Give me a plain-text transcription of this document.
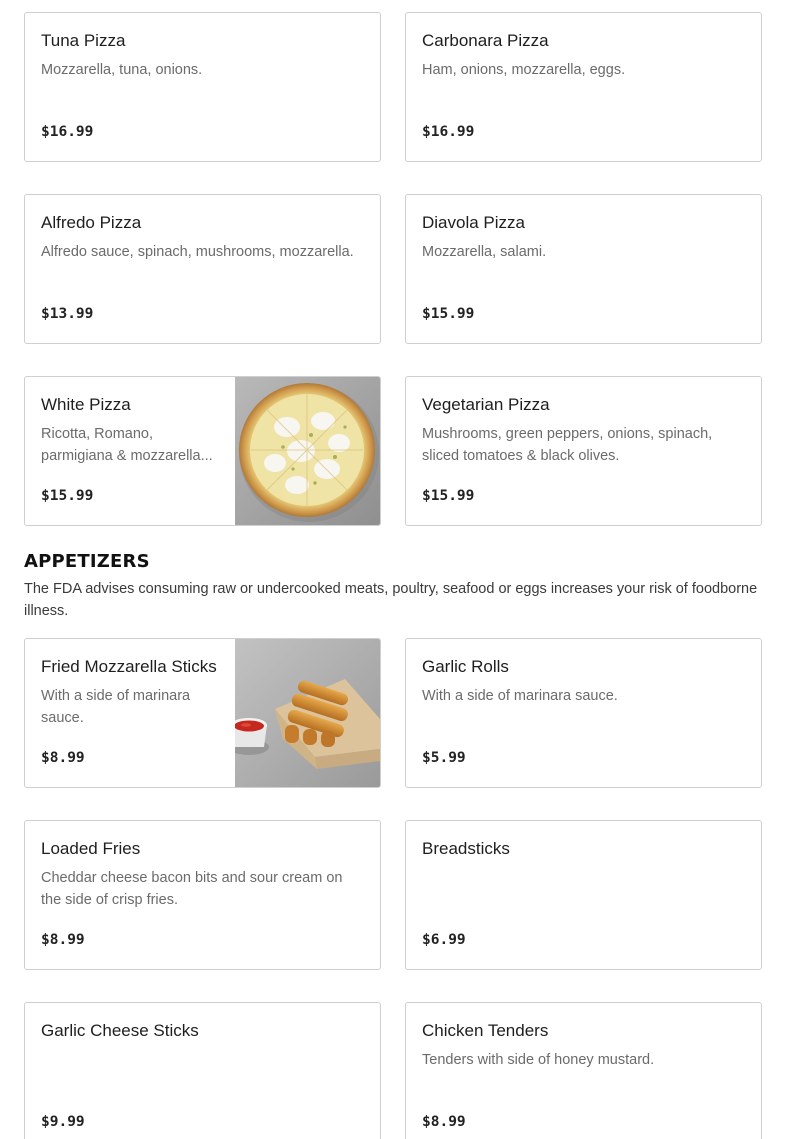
Tuna Pizza
Mozzarella, tuna, onions.
$16.99
Carbonara Pizza
Ham, onions, mozzarella, eggs.
$16.99
Alfredo Pizza
Alfredo sauce, spinach, mushrooms, mozzarella.
$13.99
Diavola Pizza
Mozzarella, salami.
$15.99
White Pizza
Ricotta, Romano, parmigiana & mozzarella...
$15.99
Vegetarian Pizza
Mushrooms, green peppers, onions, spinach, sliced tomatoes & black olives.
$15.99
APPETIZERS

The FDA advises consuming raw or undercooked meats, poultry, seafood or eggs increases your risk of foodborne illness.

Fried Mozzarella Sticks
With a side of marinara sauce.
$8.99
Garlic Rolls
With a side of marinara sauce.
$5.99
Loaded Fries
Cheddar cheese bacon bits and sour cream on the side of crisp fries.
$8.99
Breadsticks
$6.99
Garlic Cheese Sticks
$9.99
Chicken Tenders
Tenders with side of honey mustard.
$8.99
